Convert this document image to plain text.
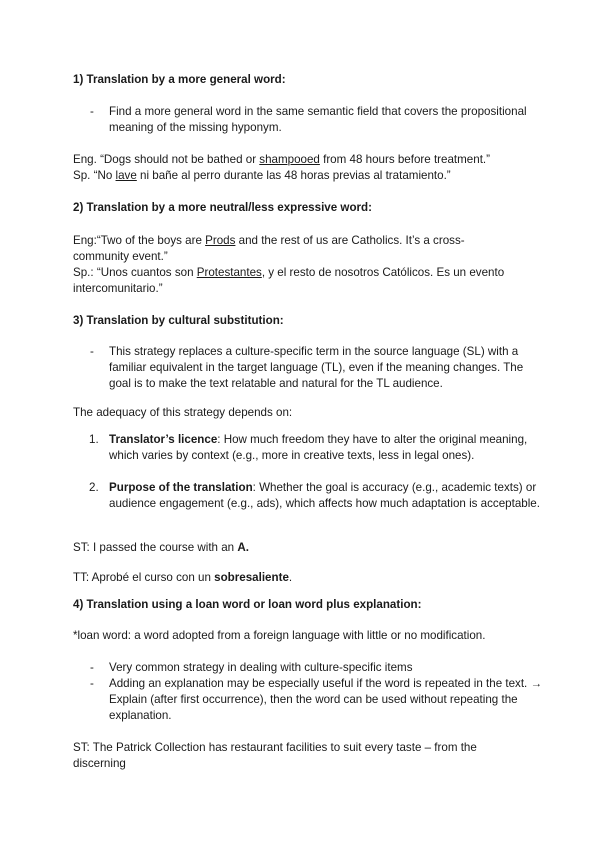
1) Translation by a more general word:

- Find a more general word in the same semantic field that covers the propositional meaning of the missing hyponym.

Eng. “Dogs should not be bathed or shampooed from 48 hours before treatment.”

Sp. “No lave ni bañe al perro durante las 48 horas previas al tratamiento.”

2) Translation by a more neutral/less expressive word:

Eng:“Two of the boys are Prods and the rest of us are Catholics. It’s a cross-community event.”

Sp.: “Unos cuantos son Protestantes, y el resto de nosotros Católicos. Es un evento intercomunitario.”

3) Translation by cultural substitution:

- This strategy replaces a culture-specific term in the source language (SL) with a familiar equivalent in the target language (TL), even if the meaning changes. The goal is to make the text relatable and natural for the TL audience.

The adequacy of this strategy depends on:

1. Translator’s licence: How much freedom they have to alter the original meaning, which varies by context (e.g., more in creative texts, less in legal ones).
2. Purpose of the translation: Whether the goal is accuracy (e.g., academic texts) or audience engagement (e.g., ads), which affects how much adaptation is acceptable.

ST: I passed the course with an A.

TT: Aprobé el curso con un sobresaliente.

4) Translation using a loan word or loan word plus explanation:

*loan word: a word adopted from a foreign language with little or no modification.

- Very common strategy in dealing with culture-specific items
- Adding an explanation may be especially useful if the word is repeated in the text. → Explain (after first occurrence), then the word can be used without repeating the explanation.

ST: The Patrick Collection has restaurant facilities to suit every taste – from the discerning
